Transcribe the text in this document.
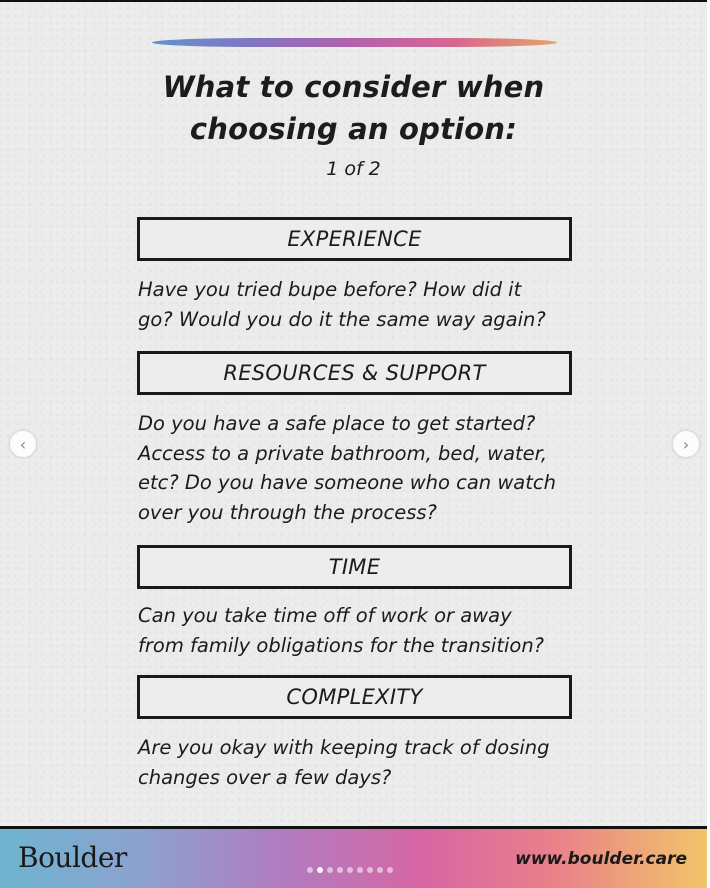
What to consider when
choosing an option:
1 of 2
EXPERIENCE
Have you tried bupe before? How did it
go? Would you do it the same way again?
RESOURCES & SUPPORT
Do you have a safe place to get started?
Access to a private bathroom, bed, water,
etc? Do you have someone who can watch
over you through the process?
TIME
Can you take time off of work or away
from family obligations for the transition?
COMPLEXITY
Are you okay with keeping track of dosing
changes over a few days?
‹	›
Boulder	www.boulder.care
